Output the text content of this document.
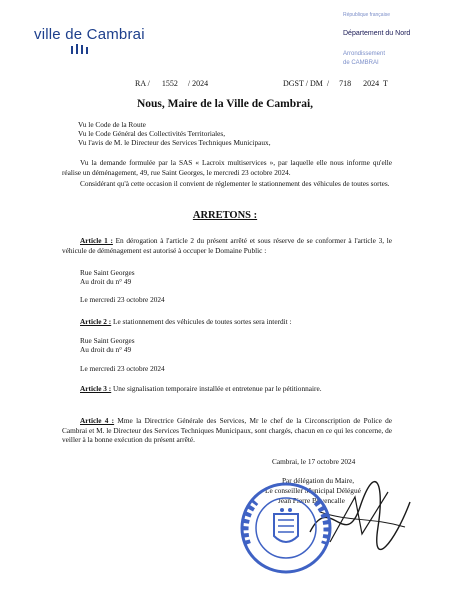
ville de Cambrai
République française
Département du Nord
Arrondissement
de CAMBRAI
RA /      1552     / 2024	DGST / DM  /     718      2024  T
Nous, Maire de la Ville de Cambrai,
Vu le Code de la Route
Vu le Code Général des Collectivités Territoriales,
Vu l'avis de M. le Directeur des Services Techniques Municipaux,
Vu la demande formulée par la SAS « Lacroix multiservices », par laquelle elle nous informe qu'elle réalise un déménagement, 49, rue Saint Georges, le mercredi 23 octobre 2024.
Considérant qu'à cette occasion il convient de réglementer le stationnement des véhicules de toutes sortes.
ARRETONS :
Article 1 : En dérogation à l'article 2 du présent arrêté et sous réserve de se conformer à l'article 3, le véhicule de déménagement est autorisé à occuper le Domaine Public :
Rue Saint Georges
Au droit du n° 49
Le mercredi 23 octobre 2024
Article 2 : Le stationnement des véhicules de toutes sortes sera interdit :
Rue Saint Georges
Au droit du n° 49
Le mercredi 23 octobre 2024
Article 3 : Une signalisation temporaire installée et entretenue par le pétitionnaire.
Article 4 : Mme la Directrice Générale des Services, Mr le chef de la Circonscription de Police de Cambrai et M. le Directeur des Services Techniques Municipaux, sont chargés, chacun en ce qui les concerne, de veiller à la bonne exécution du présent arrêté.
Cambrai, le 17 octobre 2024
Par délégation du Maire,
Le conseiller Municipal Délégué
Jean Pierre Buvencalle
